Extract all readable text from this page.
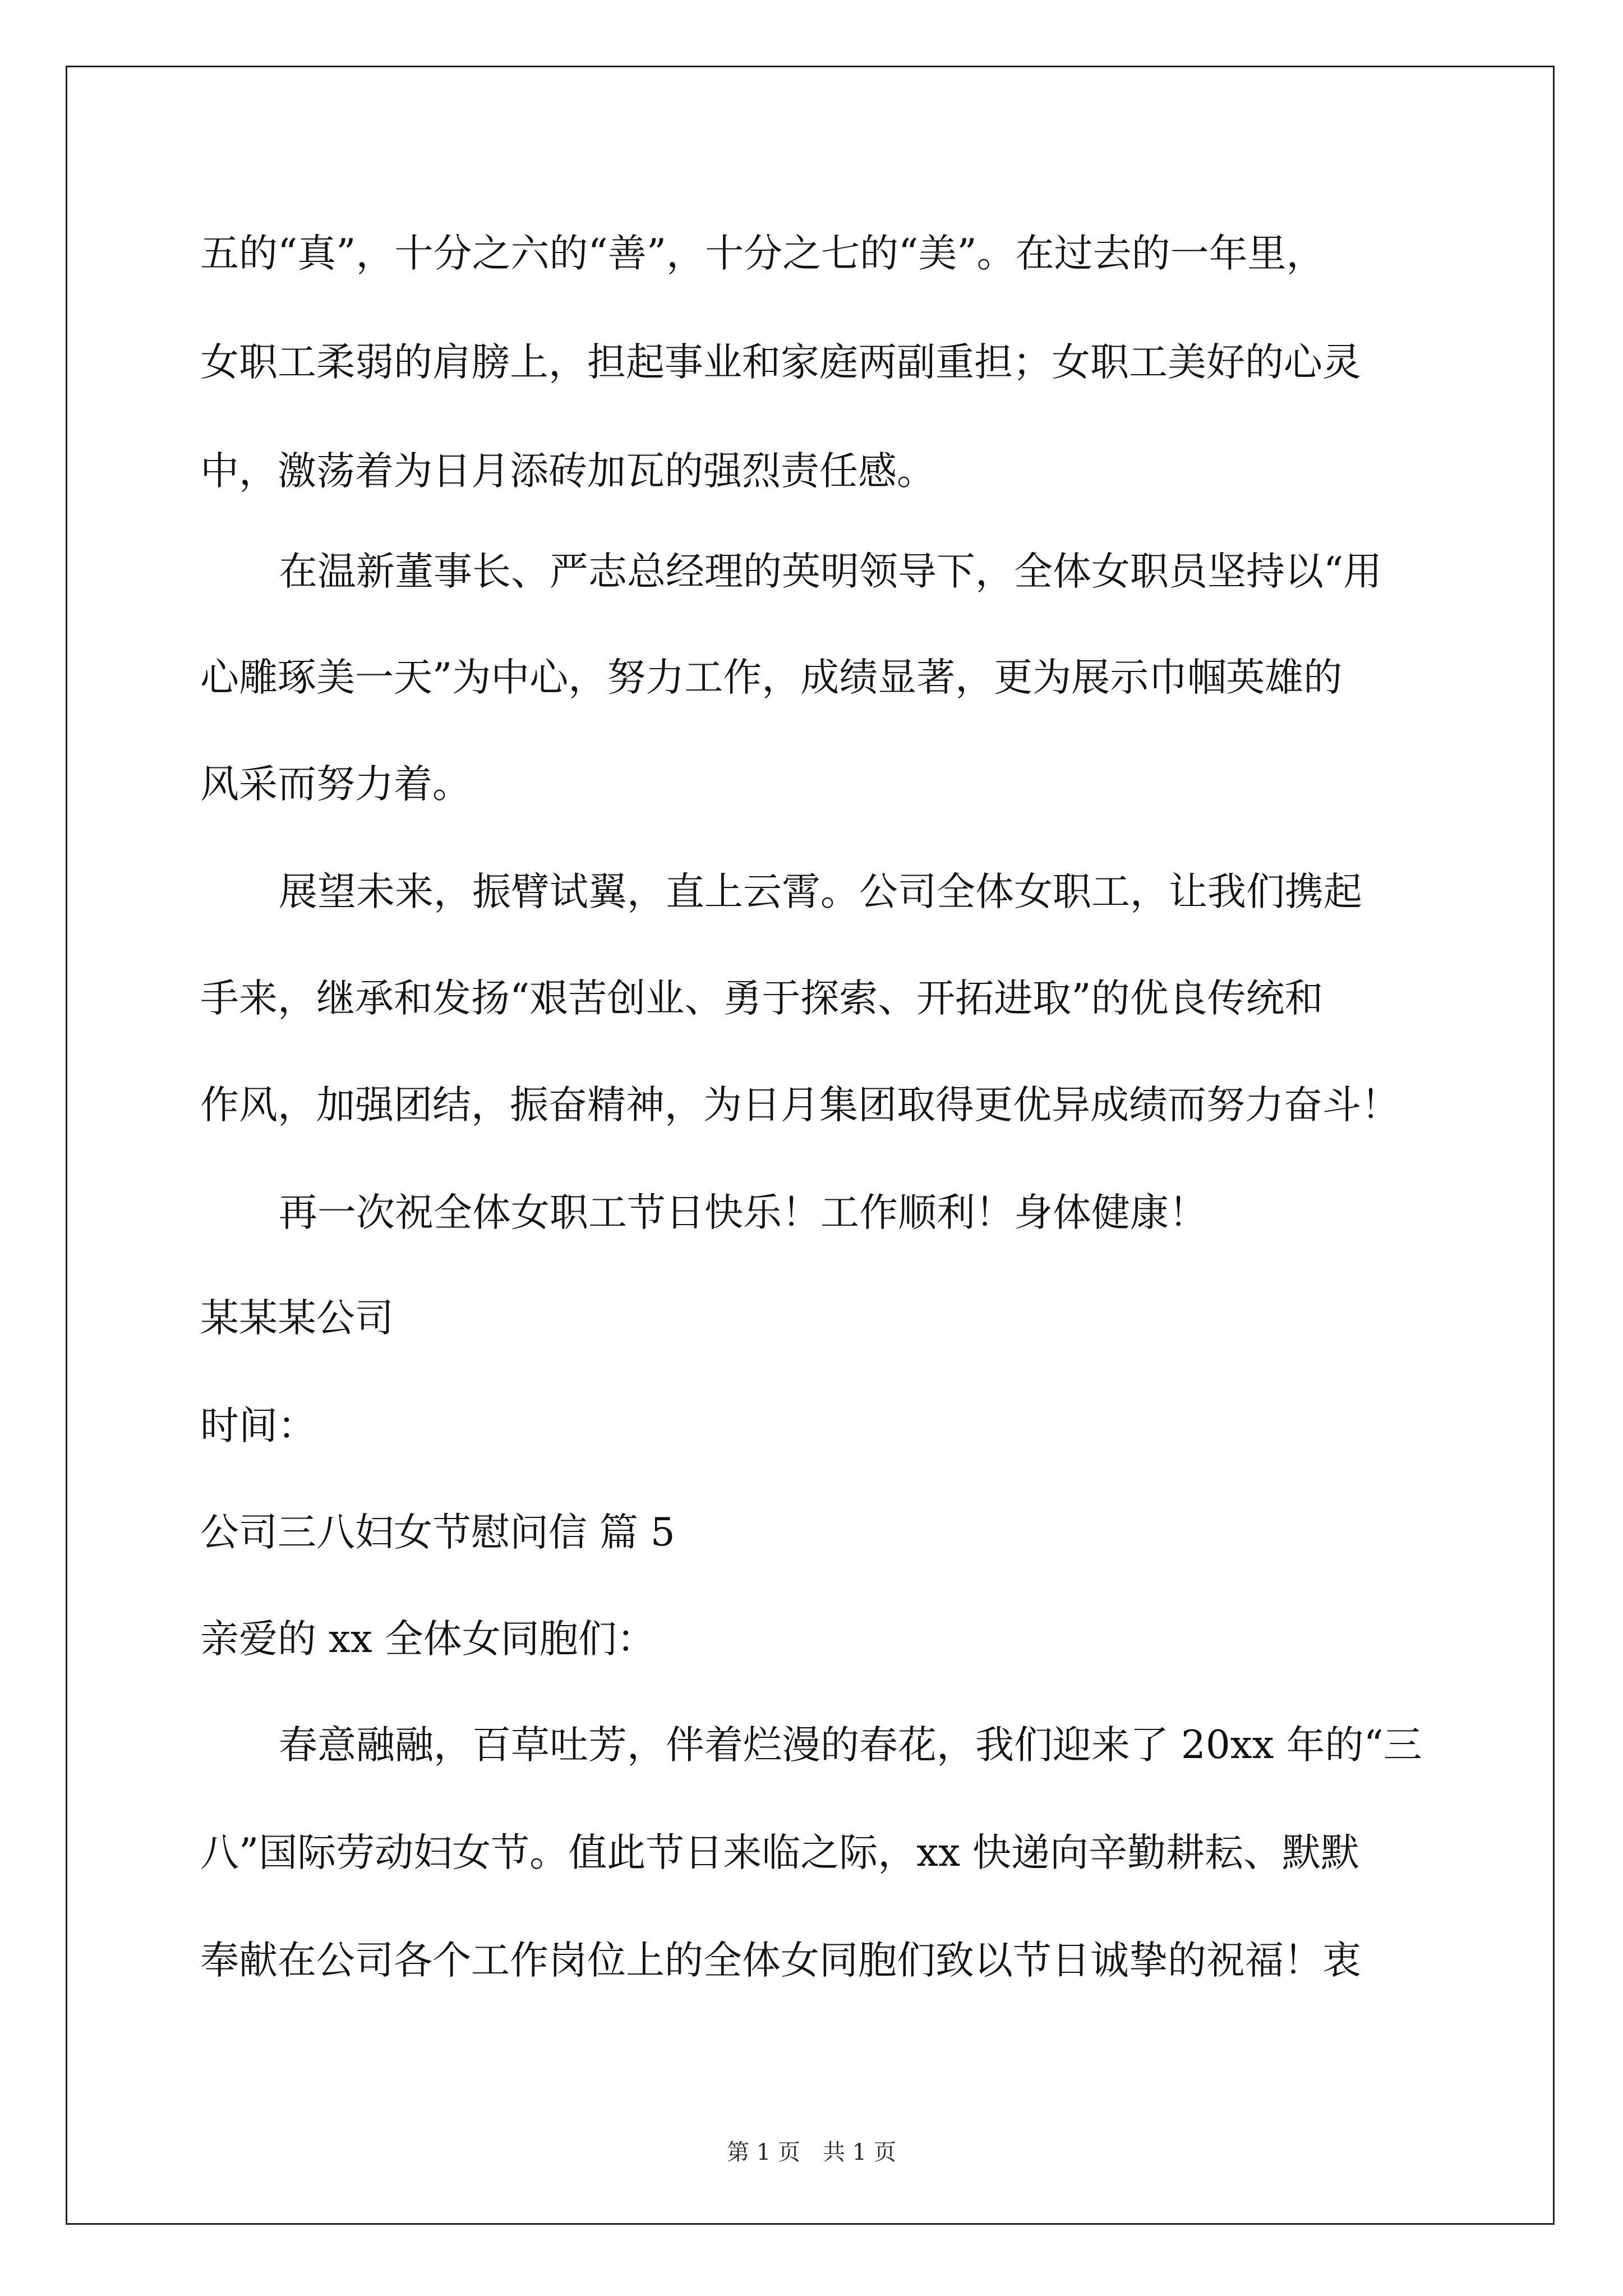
五的“真”，十分之六的“善”，十分之七的“美”。在过去的一年里，

女职工柔弱的肩膀上，担起事业和家庭两副重担；女职工美好的心灵

中，激荡着为日月添砖加瓦的强烈责任感。

在温新董事长、严志总经理的英明领导下，全体女职员坚持以“用

心雕琢美一天”为中心，努力工作，成绩显著，更为展示巾帼英雄的

风采而努力着。

展望未来，振臂试翼，直上云霄。公司全体女职工，让我们携起

手来，继承和发扬“艰苦创业、勇于探索、开拓进取”的优良传统和

作风，加强团结，振奋精神，为日月集团取得更优异成绩而努力奋斗！

再一次祝全体女职工节日快乐！工作顺利！身体健康！

某某某公司

时间：

公司三八妇女节慰问信 篇 5

亲爱的 xx 全体女同胞们：

春意融融，百草吐芳，伴着烂漫的春花，我们迎来了 20xx 年的“三

八”国际劳动妇女节。值此节日来临之际，xx 快递向辛勤耕耘、默默

奉献在公司各个工作岗位上的全体女同胞们致以节日诚挚的祝福！衷

第 1 页　共 1 页
